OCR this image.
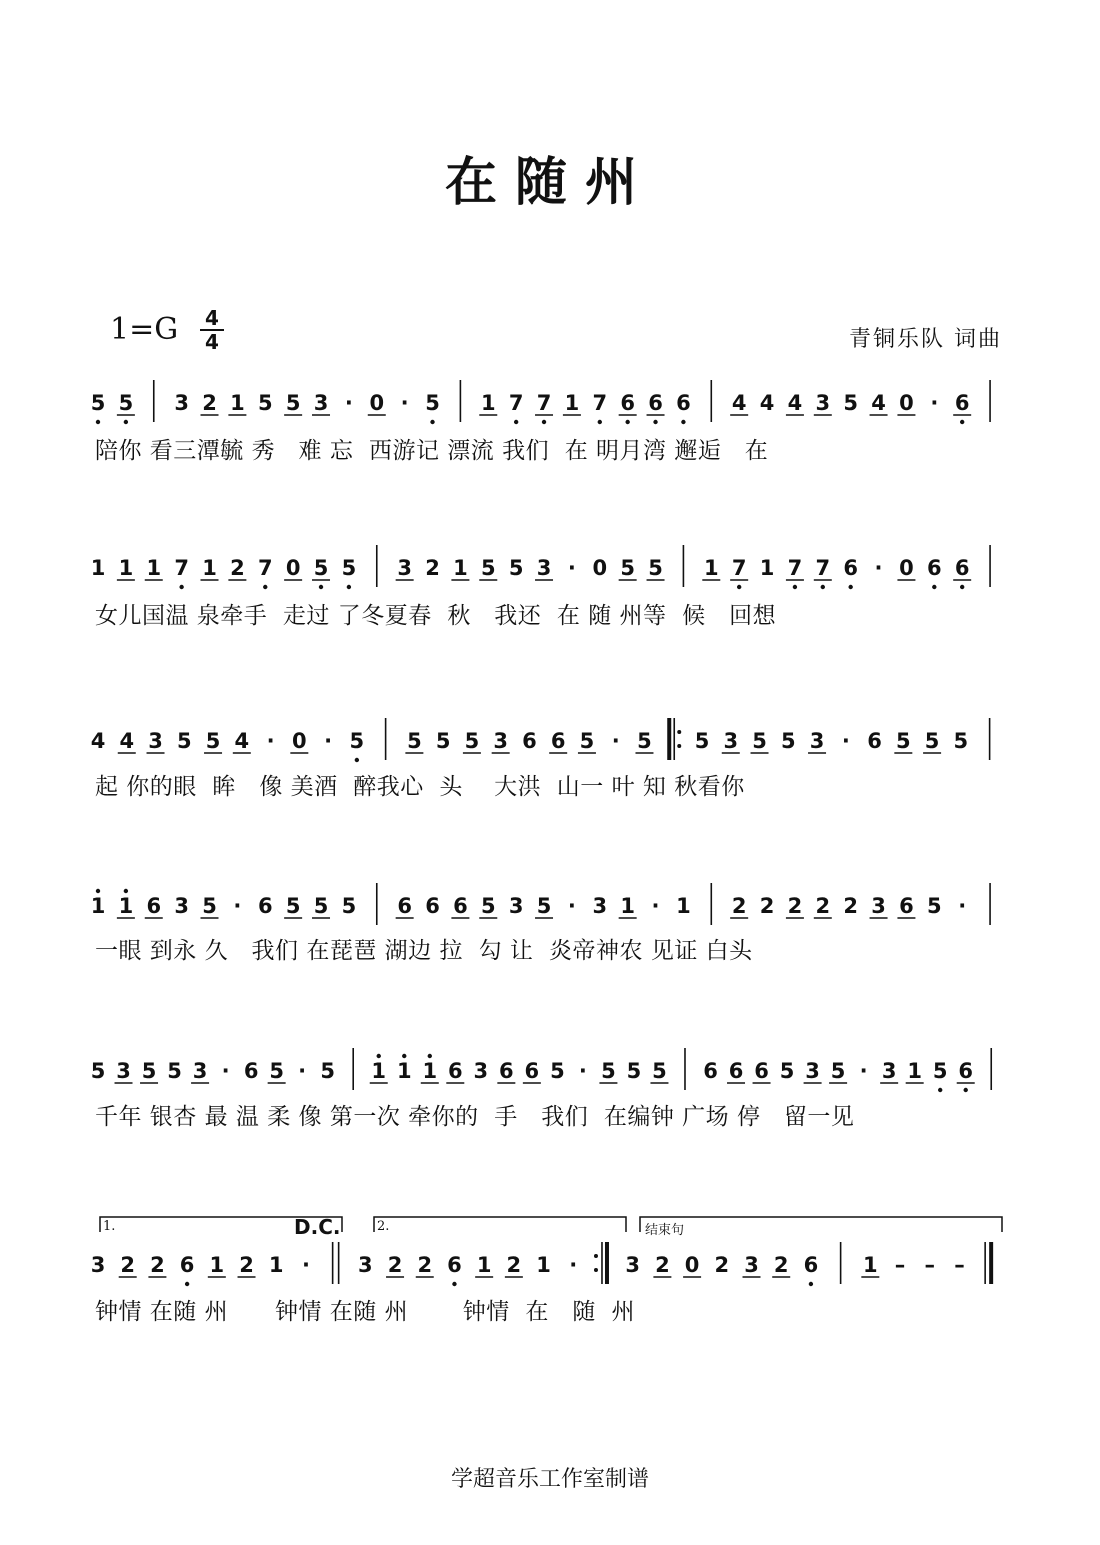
在随州
1=G 4
4	青铜乐队 词曲
5 5 3 2 1 5 5 3 · 0 · 5 1 7 7 1 7 6 6 6 4 4 4 3 5 4 0 · 6
1 1 1 7 1 2 7 0 5 5 3 2 1 5 5 3 · 0 5 5 1 7 1 7 7 6 · 0 6 6
4 4 3 5 5 4 · 0 · 5 5 5 5 3 6 6 5 · 5 5 3 5 5 3 · 6 5 5 5
1 1 6 3 5 · 6 5 5 5 6 6 6 5 3 5 · 3 1 · 1 2 2 2 2 2 3 6 5 ·
5 3 5 5 3 · 6 5 · 5 1 1 1 6 3 6 6 5 · 5 5 5 6 6 6 5 3 5 · 3 1 5 6
3 2 2 6 1 2 1 · 3 2 2 6 1 2 1 · 3 2 0 2 3 2 6 1 – – –
陪你 看三潭毓 秀   难 忘  西游记 漂流 我们  在 明月湾 邂逅   在
女儿国温 泉牵手  走过 了冬夏春  秋   我还  在 随 州等  候   回想
起 你的眼  眸   像 美酒  醉我心  头    大洪  山一 叶 知 秋看你
一眼 到永 久   我们 在琵琶 湖边 拉  勾 让  炎帝神农 见证 白头
千年 银杏 最 温 柔 像 第一次 牵你的  手   我们  在编钟 广场 停   留一见
钟情 在随 州      钟情 在随 州       钟情  在   随  州
1.	2.	结束句
D.C.
学超音乐工作室制谱
